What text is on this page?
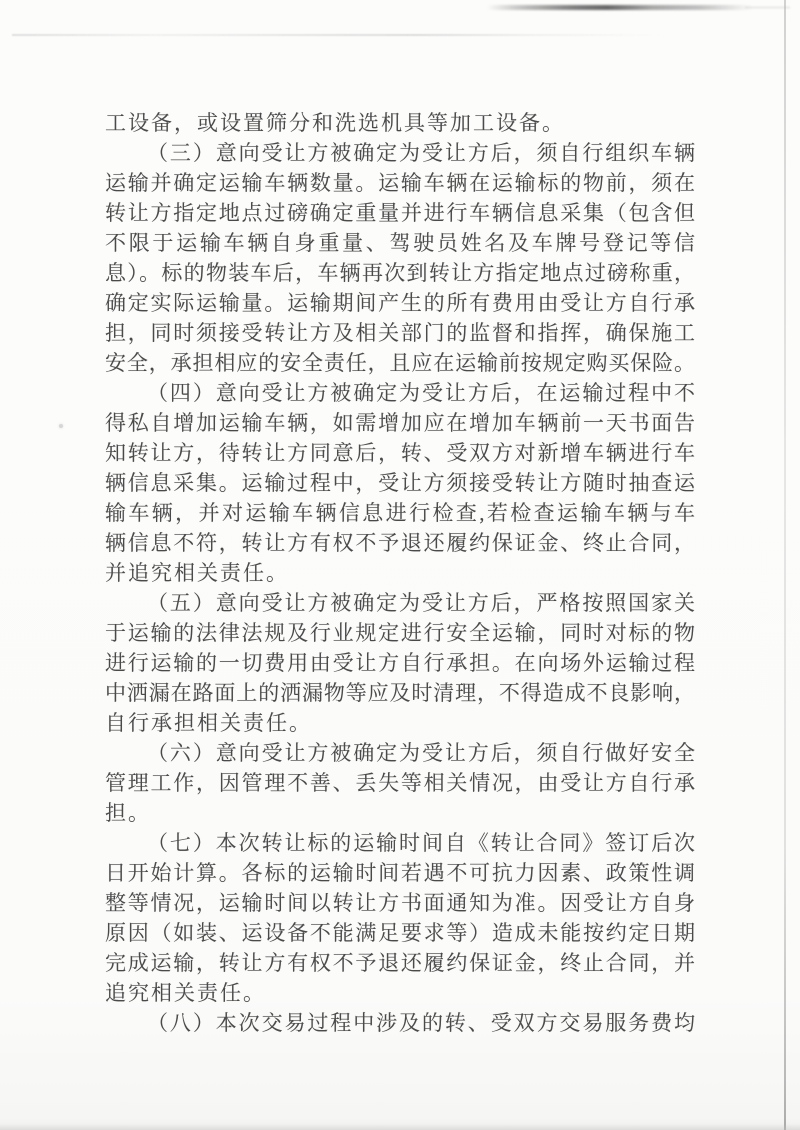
工设备，或设置筛分和洗选机具等加工设备。
（三）意向受让方被确定为受让方后，须自行组织车辆
运输并确定运输车辆数量。运输车辆在运输标的物前，须在
转让方指定地点过磅确定重量并进行车辆信息采集（包含但
不限于运输车辆自身重量、驾驶员姓名及车牌号登记等信
息）。标的物装车后，车辆再次到转让方指定地点过磅称重，
确定实际运输量。运输期间产生的所有费用由受让方自行承
担，同时须接受转让方及相关部门的监督和指挥，确保施工
安全，承担相应的安全责任，且应在运输前按规定购买保险。
（四）意向受让方被确定为受让方后，在运输过程中不
得私自增加运输车辆，如需增加应在增加车辆前一天书面告
知转让方，待转让方同意后，转、受双方对新增车辆进行车
辆信息采集。运输过程中，受让方须接受转让方随时抽查运
输车辆，并对运输车辆信息进行检查,若检查运输车辆与车
辆信息不符，转让方有权不予退还履约保证金、终止合同，
并追究相关责任。
（五）意向受让方被确定为受让方后，严格按照国家关
于运输的法律法规及行业规定进行安全运输，同时对标的物
进行运输的一切费用由受让方自行承担。在向场外运输过程
中洒漏在路面上的洒漏物等应及时清理，不得造成不良影响，
自行承担相关责任。
（六）意向受让方被确定为受让方后，须自行做好安全
管理工作，因管理不善、丢失等相关情况，由受让方自行承
担。
（七）本次转让标的运输时间自《转让合同》签订后次
日开始计算。各标的运输时间若遇不可抗力因素、政策性调
整等情况，运输时间以转让方书面通知为准。因受让方自身
原因（如装、运设备不能满足要求等）造成未能按约定日期
完成运输，转让方有权不予退还履约保证金，终止合同，并
追究相关责任。
（八）本次交易过程中涉及的转、受双方交易服务费均
